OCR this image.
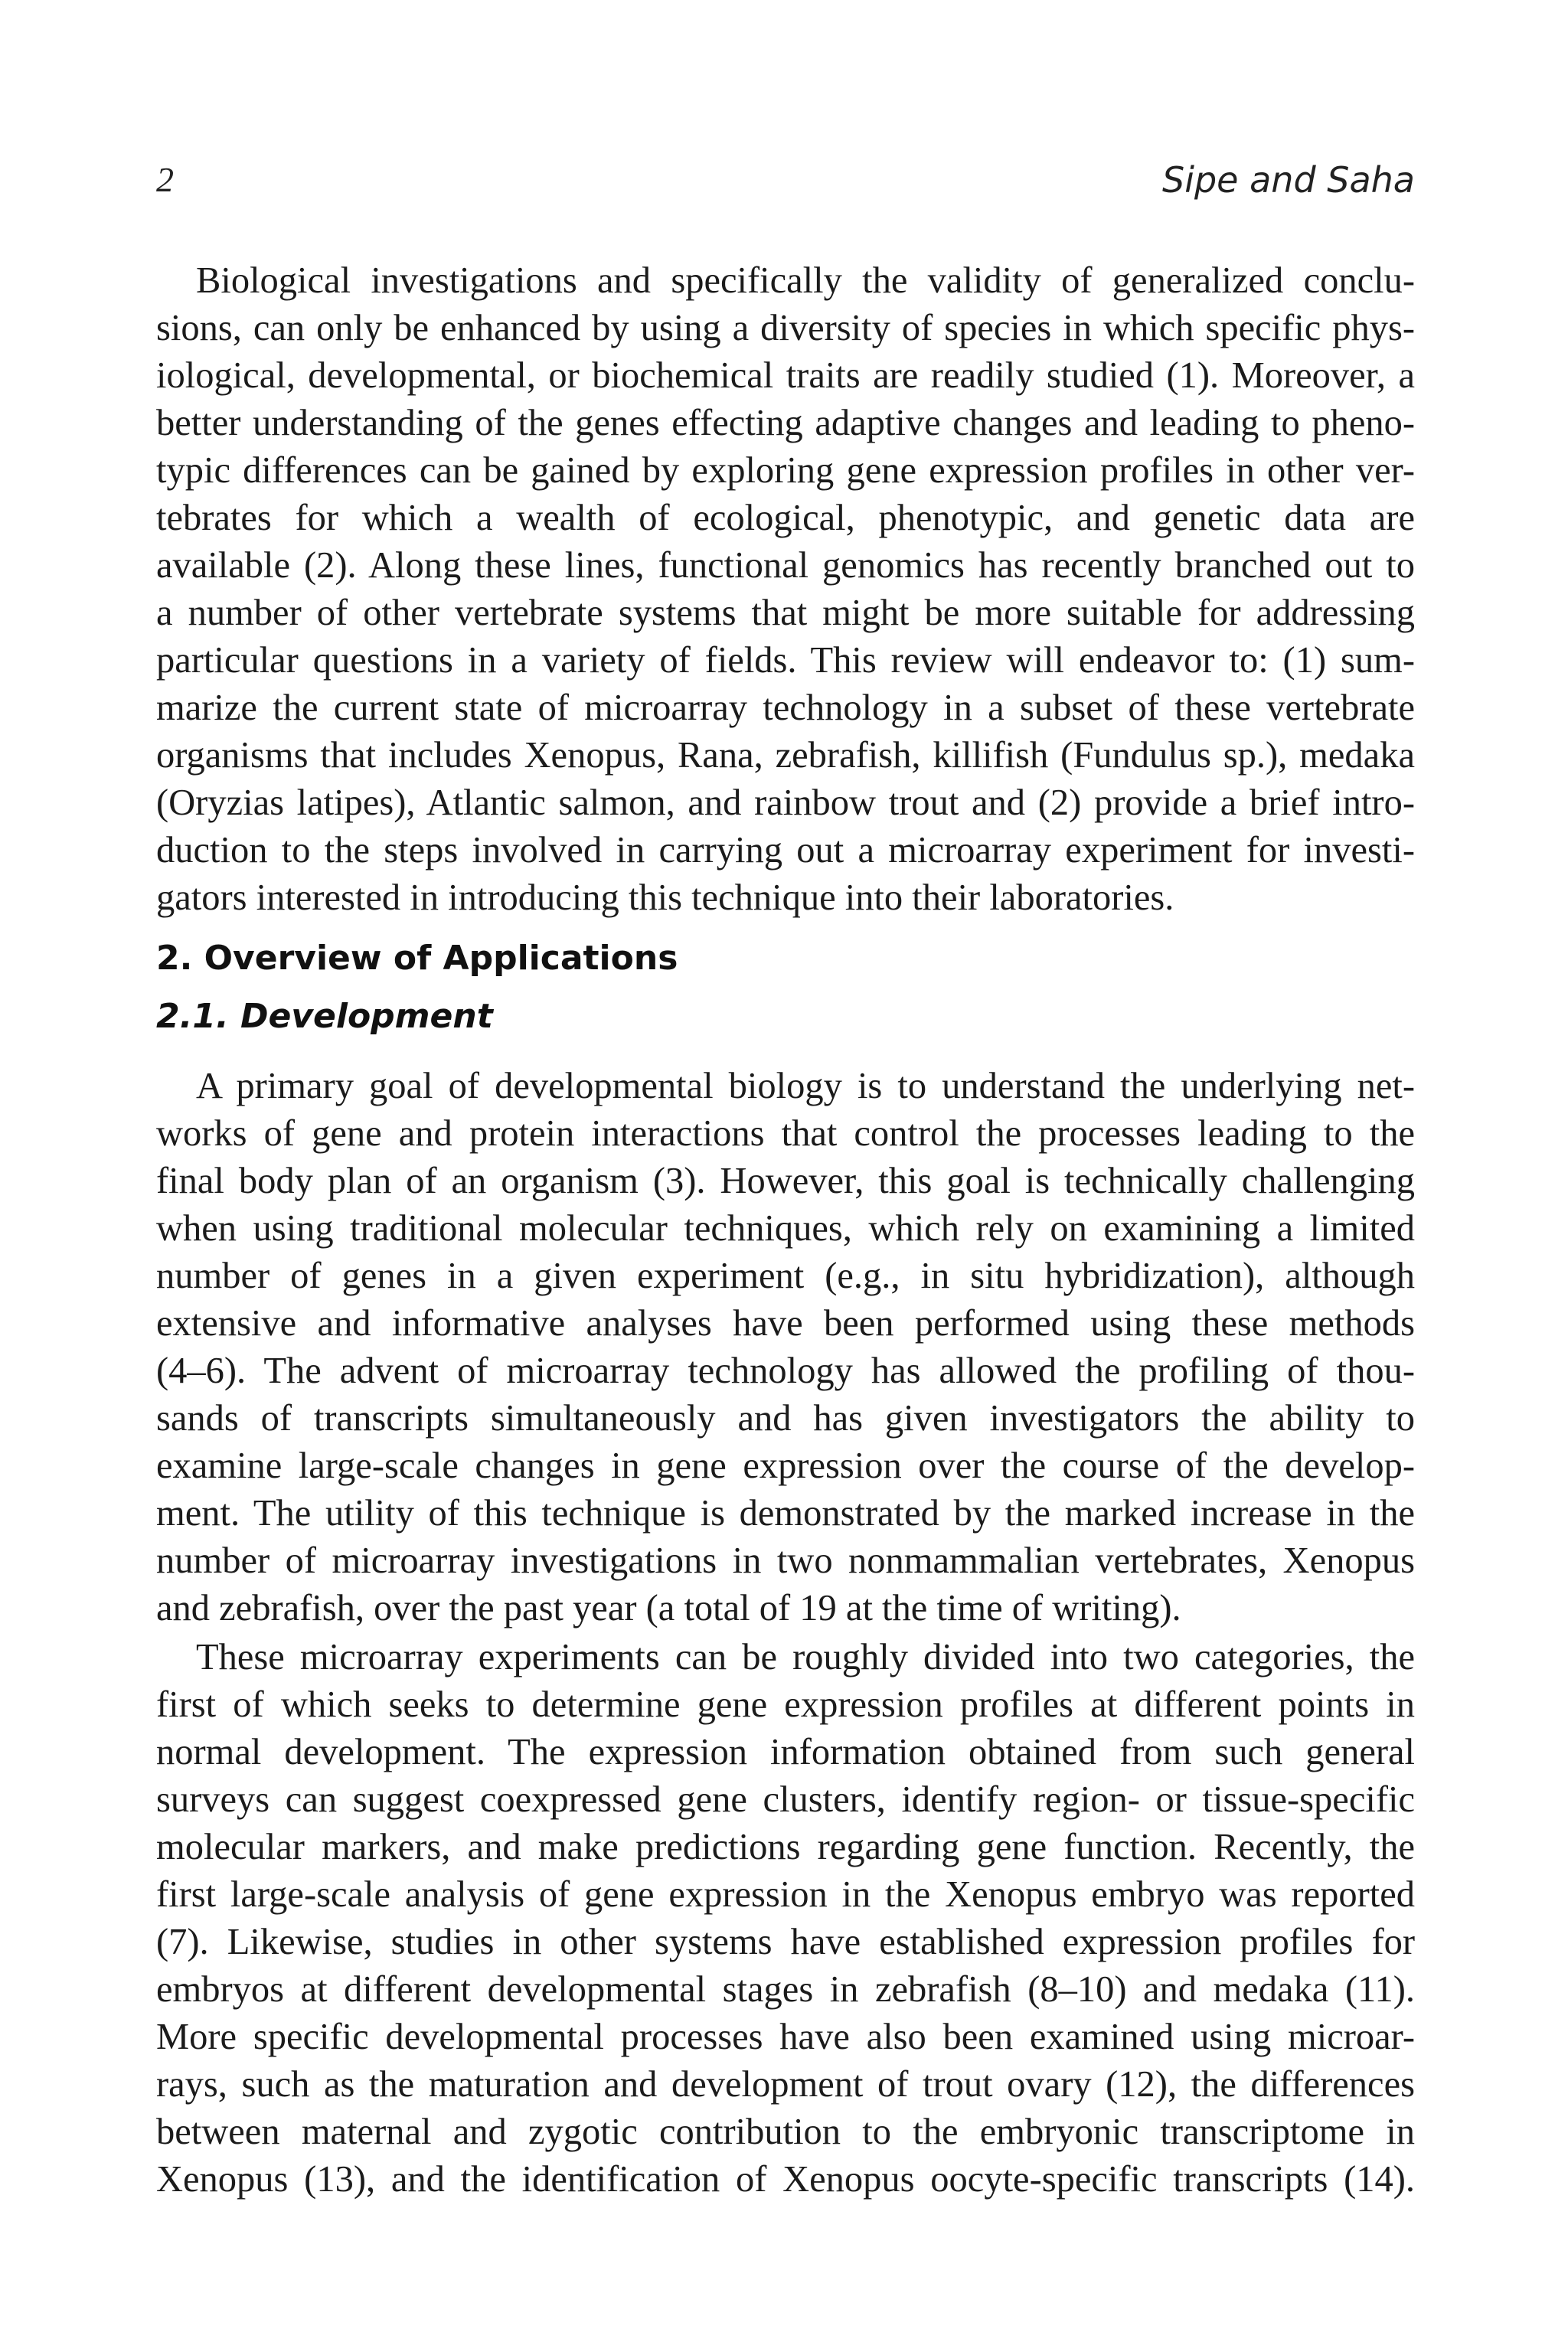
2	Sipe and Saha
Biological investigations and specifically the validity of generalized conclu-
sions, can only be enhanced by using a diversity of species in which specific phys-
iological, developmental, or biochemical traits are readily studied (1). Moreover, a
better understanding of the genes effecting adaptive changes and leading to pheno-
typic differences can be gained by exploring gene expression profiles in other ver-
tebrates for which a wealth of ecological, phenotypic, and genetic data are
available (2). Along these lines, functional genomics has recently branched out to
a number of other vertebrate systems that might be more suitable for addressing
particular questions in a variety of fields. This review will endeavor to: (1) sum-
marize the current state of microarray technology in a subset of these vertebrate
organisms that includes Xenopus, Rana, zebrafish, killifish (Fundulus sp.), medaka
(Oryzias latipes), Atlantic salmon, and rainbow trout and (2) provide a brief intro-
duction to the steps involved in carrying out a microarray experiment for investi-
gators interested in introducing this technique into their laboratories.
2. Overview of Applications
2.1. Development
A primary goal of developmental biology is to understand the underlying net-
works of gene and protein interactions that control the processes leading to the
final body plan of an organism (3). However, this goal is technically challenging
when using traditional molecular techniques, which rely on examining a limited
number of genes in a given experiment (e.g., in situ hybridization), although
extensive and informative analyses have been performed using these methods
(4–6). The advent of microarray technology has allowed the profiling of thou-
sands of transcripts simultaneously and has given investigators the ability to
examine large-scale changes in gene expression over the course of the develop-
ment. The utility of this technique is demonstrated by the marked increase in the
number of microarray investigations in two nonmammalian vertebrates, Xenopus
and zebrafish, over the past year (a total of 19 at the time of writing).
These microarray experiments can be roughly divided into two categories, the
first of which seeks to determine gene expression profiles at different points in
normal development. The expression information obtained from such general
surveys can suggest coexpressed gene clusters, identify region- or tissue-specific
molecular markers, and make predictions regarding gene function. Recently, the
first large-scale analysis of gene expression in the Xenopus embryo was reported
(7). Likewise, studies in other systems have established expression profiles for
embryos at different developmental stages in zebrafish (8–10) and medaka (11).
More specific developmental processes have also been examined using microar-
rays, such as the maturation and development of trout ovary (12), the differences
between maternal and zygotic contribution to the embryonic transcriptome in
Xenopus (13), and the identification of Xenopus oocyte-specific transcripts (14).
